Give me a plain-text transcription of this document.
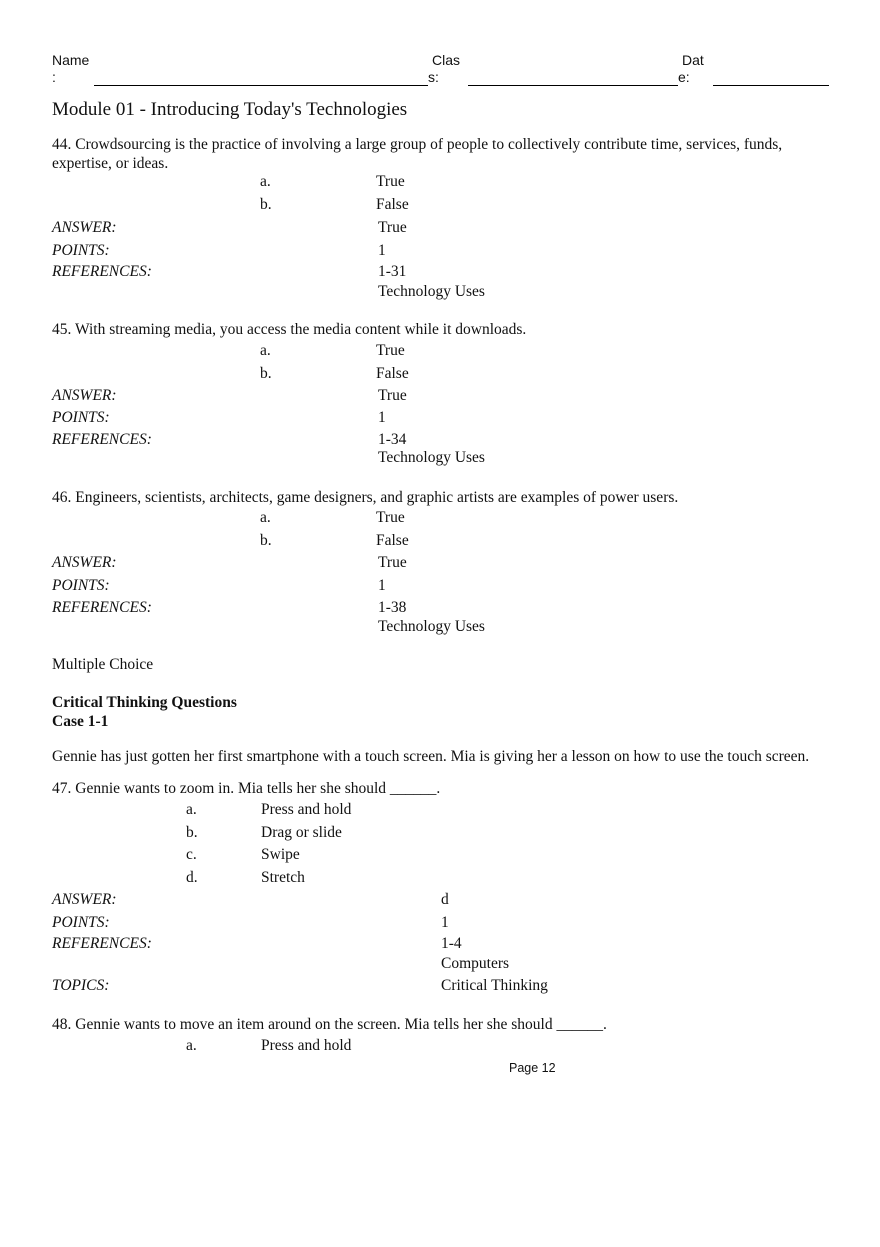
Name
:
Clas
s:
Dat
e:
Module 01 - Introducing Today's Technologies
44. Crowdsourcing is the practice of involving a large group of people to collectively contribute time, services, funds, expertise, or ideas.
a.	True
b.	False
ANSWER:	True
POINTS:	1
REFERENCES:	1-31
Technology Uses
45. With streaming media, you access the media content while it downloads.
a.	True
b.	False
ANSWER:	True
POINTS:	1
REFERENCES:	1-34
Technology Uses
46. Engineers, scientists, architects, game designers, and graphic artists are examples of power users.
a.	True
b.	False
ANSWER:	True
POINTS:	1
REFERENCES:	1-38
Technology Uses
Multiple Choice
Critical Thinking Questions
Case 1-1
Gennie has just gotten her first smartphone with a touch screen. Mia is giving her a lesson on how to use the touch screen.
47. Gennie wants to zoom in. Mia tells her she should ______.
a.	Press and hold
b.	Drag or slide
c.	Swipe
d.	Stretch
ANSWER:	d
POINTS:	1
REFERENCES:	1-4
Computers
TOPICS:	Critical Thinking
48. Gennie wants to move an item around on the screen. Mia tells her she should ______.
a.	Press and hold
Page 12
